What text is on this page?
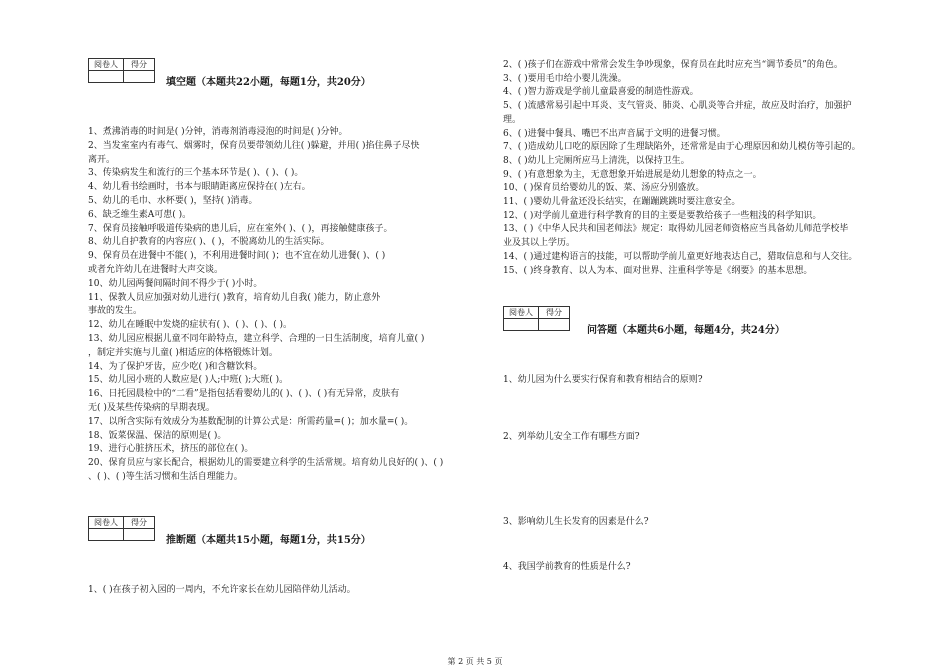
阅卷人	得分

填空题（本题共22小题，每题1分，共20分）
1、煮沸消毒的时间是( )分钟，消毒剂消毒浸泡的时间是( )分钟。
2、当发室室内有毒气、烟雾时，保育员要带领幼儿往( )躲避，并用( )掐住鼻子尽快
离开。
3、传染病发生和流行的三个基本环节是( )、( )、( )。
4、幼儿看书绘画时，书本与眼睛距离应保持在( )左右。
5、幼儿的毛巾、水杯要( )，坚持( )消毒。
6、缺乏维生素A可患( )。
7、保育员接触呼吸道传染病的患儿后，应在室外( )、( )，再接触健康孩子。
8、幼儿自护教育的内容应( )、( )，不脱离幼儿的生活实际。
9、保育员在进餐中不能( )，不利用进餐时间( )；也不宜在幼儿进餐( )、( )
或者允许幼儿在进餐时大声交谈。
10、幼儿园两餐间隔时间不得少于( )小时。
11、保教人员应加强对幼儿进行( )教育，培育幼儿自我( )能力，防止意外
事故的发生。
12、幼儿在睡眠中发烧的症状有( )、( )、( )、( )。
13、幼儿园应根据儿童不同年龄特点，建立科学、合理的一日生活制度，培育儿童( )
，制定并实施与儿童( )相适应的体格锻炼计划。
14、为了保护牙齿，应少吃( )和含糖饮料。
15、幼儿园小班的人数应是( )人;中班( );大班( )。
16、日托园晨检中的“二看”是指包括看婴幼儿的( )、( )、( )有无异常，皮肤有
无( )及某些传染病的早期表现。
17、以所含实际有效成分为基数配制的计算公式是：所需药量=( )；加水量=( )。
18、饭菜保温、保洁的原则是( )。
19、进行心脏挤压术，挤压的部位在( )。
20、保育员应与家长配合，根据幼儿的需要建立科学的生活常规。培育幼儿良好的( )、( )
、( )、( )等生活习惯和生活自理能力。
阅卷人	得分

推断题（本题共15小题，每题1分，共15分）
1、( )在孩子初入园的一周内，不允许家长在幼儿园陪伴幼儿活动。
2、( )孩子们在游戏中常常会发生争吵现象，保育员在此时应充当“调节委员”的角色。
3、( )要用毛巾给小婴儿洗澡。
4、( )智力游戏是学前儿童最喜爱的制造性游戏。
5、( )流感常易引起中耳炎、支气管炎、肺炎、心肌炎等合并症，故应及时治疗，加强护
理。
6、( )进餐中餐具、嘴巴不出声音属于文明的进餐习惯。
7、( )造成幼儿口吃的原因除了生理缺陷外，还常常是由于心理原因和幼儿模仿等引起的。
8、( )幼儿上完厕所应马上清洗，以保持卫生。
9、( )有意想象为主，无意想象开始进展是幼儿想象的特点之一。
10、( )保育员给婴幼儿的饭、菜、汤应分别盛放。
11、( )婴幼儿骨盆还没长结实，在蹦蹦跳跳时要注意安全。
12、( )对学前儿童进行科学教育的目的主要是要教给孩子一些粗浅的科学知识。
13、( )《中华人民共和国老师法》规定：取得幼儿园老师资格应当具备幼儿师范学校毕
业及其以上学历。
14、( )通过建构语言的技能，可以帮助学前儿童更好地表达自己，猎取信息和与人交往。
15、( )终身教育、以人为本、面对世界、注重科学等是《纲要》的基本思想。
阅卷人	得分

问答题（本题共6小题，每题4分，共24分）
1、幼儿园为什么要实行保育和教育相结合的原则?
2、列举幼儿安全工作有哪些方面?
3、影响幼儿生长发育的因素是什么?
4、我国学前教育的性质是什么?
第 2 页 共 5 页
